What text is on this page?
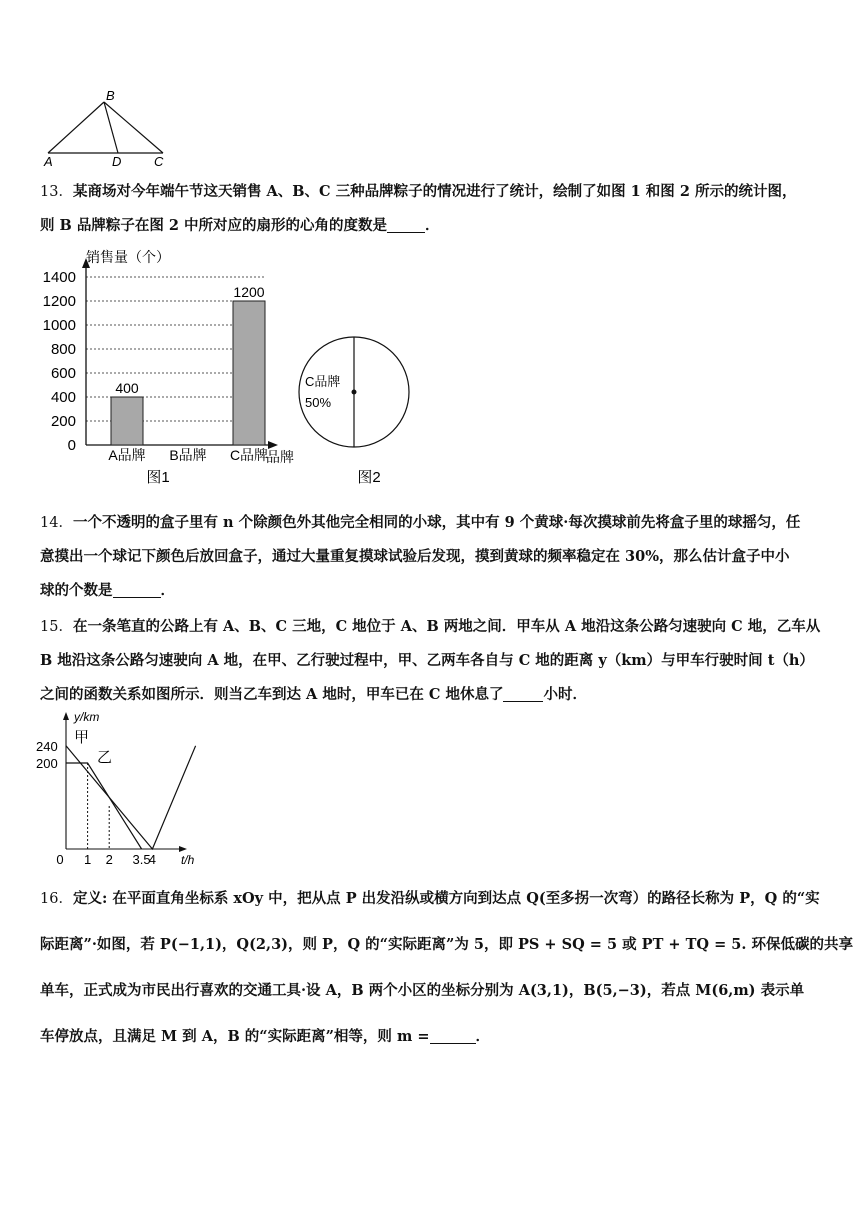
B
A	D	C
13．某商场对今年端午节这天销售 A、B、C 三种品牌粽子的情况进行了统计，绘制了如图 1 和图 2 所示的统计图，
则 B 品牌粽子在图 2 中所对应的扇形的心角的度数是	．
0
200
400
600
800
1000
1200
1400
销售量（个）
品牌
400
A品牌 B品牌
1200
C品牌
图1
C品牌
50%
图2
14．一个不透明的盒子里有 n 个除颜色外其他完全相同的小球，其中有 9 个黄球·每次摸球前先将盒子里的球摇匀，任
意摸出一个球记下颜色后放回盒子，通过大量重复摸球试验后发现，摸到黄球的频率稳定在 30%，那么估计盒子中小
球的个数是	．
15．在一条笔直的公路上有 A、B、C 三地，C 地位于 A、B 两地之间．甲车从 A 地沿这条公路匀速驶向 C 地，乙车从
B 地沿这条公路匀速驶向 A 地，在甲、乙行驶过程中，甲、乙两车各自与 C 地的距离 y（km）与甲车行驶时间 t（h）
之间的函数关系如图所示．则当乙车到达 A 地时，甲车已在 C 地休息了	小时．
y/km
t/h
200
240
0 1 2 3.5
4
甲
乙
16．定义: 在平面直角坐标系 xOy 中，把从点 P 出发沿纵或横方向到达点 Q(至多拐一次弯）的路径长称为 P，Q 的“实
际距离”·如图，若 P(−1,1)，Q(2,3)，则 P，Q 的“实际距离”为 5，即 PS + SQ = 5 或 PT + TQ = 5. 环保低碳的共享
单车，正式成为市民出行喜欢的交通工具·设 A，B 两个小区的坐标分别为 A(3,1)，B(5,−3)，若点 M(6,m) 表示单
车停放点，且满足 M 到 A，B 的“实际距离”相等，则 m =	．
